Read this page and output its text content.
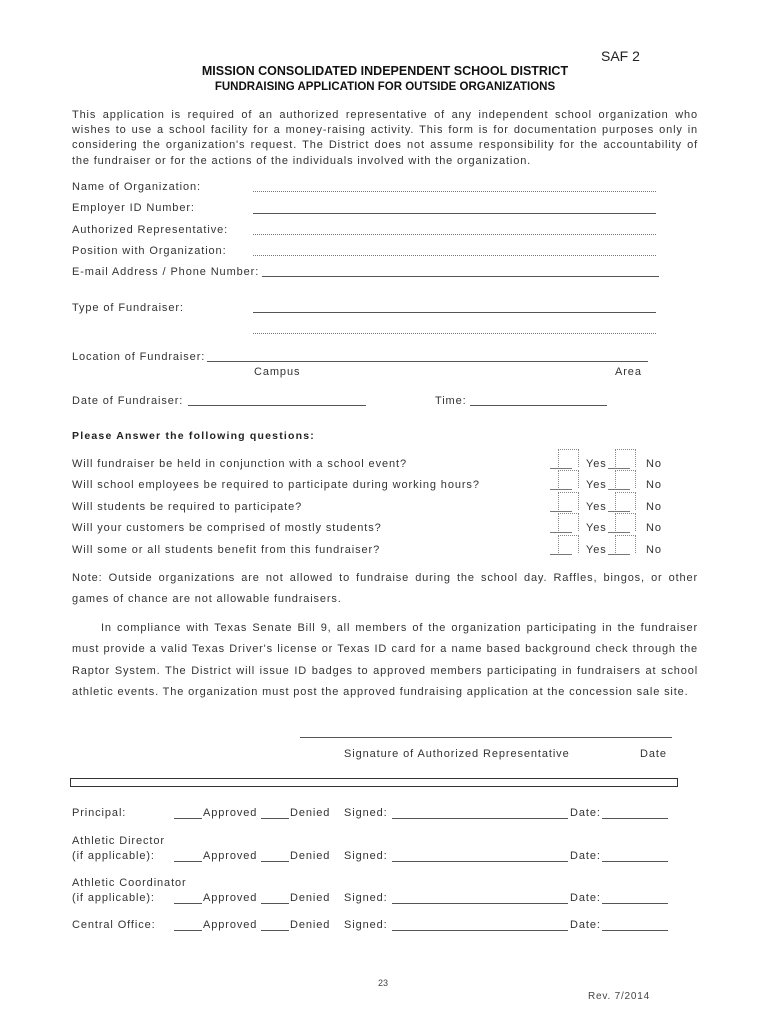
SAF 2
MISSION CONSOLIDATED INDEPENDENT SCHOOL DISTRICT
FUNDRAISING APPLICATION FOR OUTSIDE ORGANIZATIONS
This application is required of an authorized representative of any independent school organization who wishes to use a school facility for a money-raising activity. This form is for documentation purposes only in considering the organization's request. The District does not assume responsibility for the accountability of the fundraiser or for the actions of the individuals involved with the organization.
Name of Organization:
Employer ID Number:
Authorized Representative:
Position with Organization:
E-mail Address / Phone Number:
Type of Fundraiser:
Location of Fundraiser:
Campus	Area
Date of Fundraiser:	Time:
Please Answer the following questions:
Will fundraiser be held in conjunction with a school event?	Yes	No
Will school employees be required to participate during working hours?	Yes	No
Will students be required to participate?	Yes	No
Will your customers be comprised of mostly students?	Yes	No
Will some or all students benefit from this fundraiser?	Yes	No
Note: Outside organizations are not allowed to fundraise during the school day. Raffles, bingos, or other games of chance are not allowable fundraisers.
In compliance with Texas Senate Bill 9, all members of the organization participating in the fundraiser must provide a valid Texas Driver's license or Texas ID card for a name based background check through the Raptor System. The District will issue ID badges to approved members participating in fundraisers at school athletic events. The organization must post the approved fundraising application at the concession sale site.
Signature of Authorized Representative	Date
Principal:	Approved	Denied Signed:	Date:
Athletic Director
(if applicable):	Approved	Denied Signed:	Date:
Athletic Coordinator
(if applicable):	Approved	Denied Signed:	Date:
Central Office:	Approved	Denied Signed:	Date:
23
Rev. 7/2014
